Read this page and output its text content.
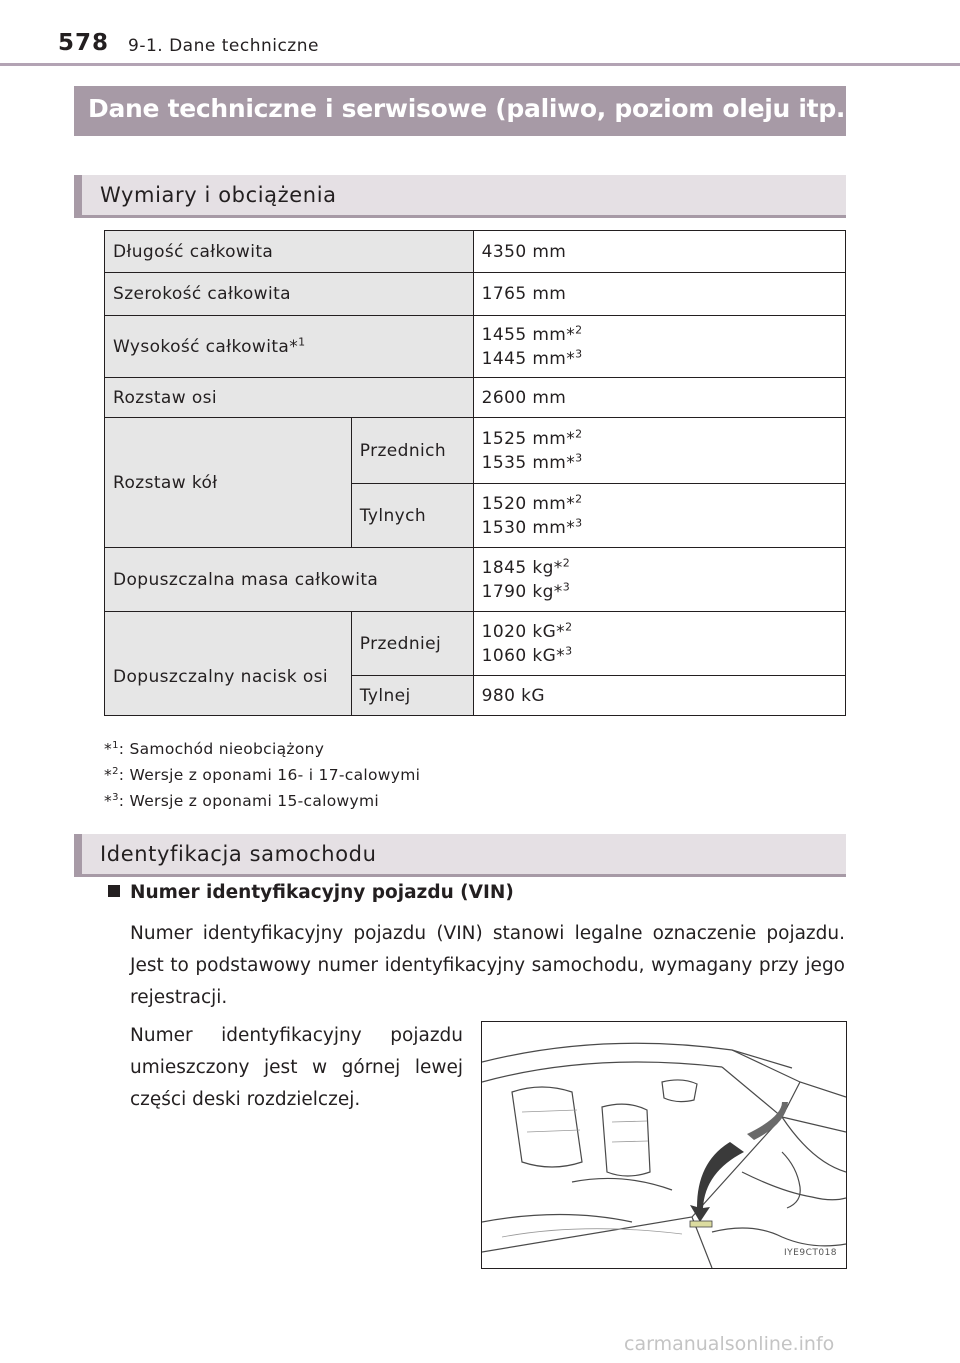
578 9-1. Dane techniczne
Dane techniczne i serwisowe (paliwo, poziom oleju itp.)
Wymiary i obciążenia
Długość całkowita		4350 mm
Szerokość całkowita		1765 mm
Wysokość całkowita*$^1$		1455 mm*$^2$
1445 mm*$^3$

Rozstaw osi		2600 mm
Rozstaw kół	Przednich	1525 mm*$^2$
1535 mm*$^3$

	Tylnych	1520 mm*$^2$
1530 mm*$^3$

Dopuszczalna masa całkowita		1845 kg*$^2$
1790 kg*$^3$

Dopuszczalny nacisk osi	Przedniej	1020 kG*$^2$
1060 kG*$^3$

	Tylnej	980 kG
*$^1$: Samochód nieobciążony
*$^2$: Wersje z oponami 16- i 17-calowymi
*$^3$: Wersje z oponami 15-calowymi
Identyfikacja samochodu
Numer identyfikacyjny pojazdu (VIN)
Numer identyfikacyjny pojazdu (VIN) stanowi legalne oznaczenie pojazdu. Jest to podstawowy numer identyfikacyjny samochodu, wymagany przy jego rejestracji.
Numer identyfikacyjny pojazdu umieszczony jest w górnej lewej części deski rozdzielczej.
IYE9CT018
carmanualsonline.info
